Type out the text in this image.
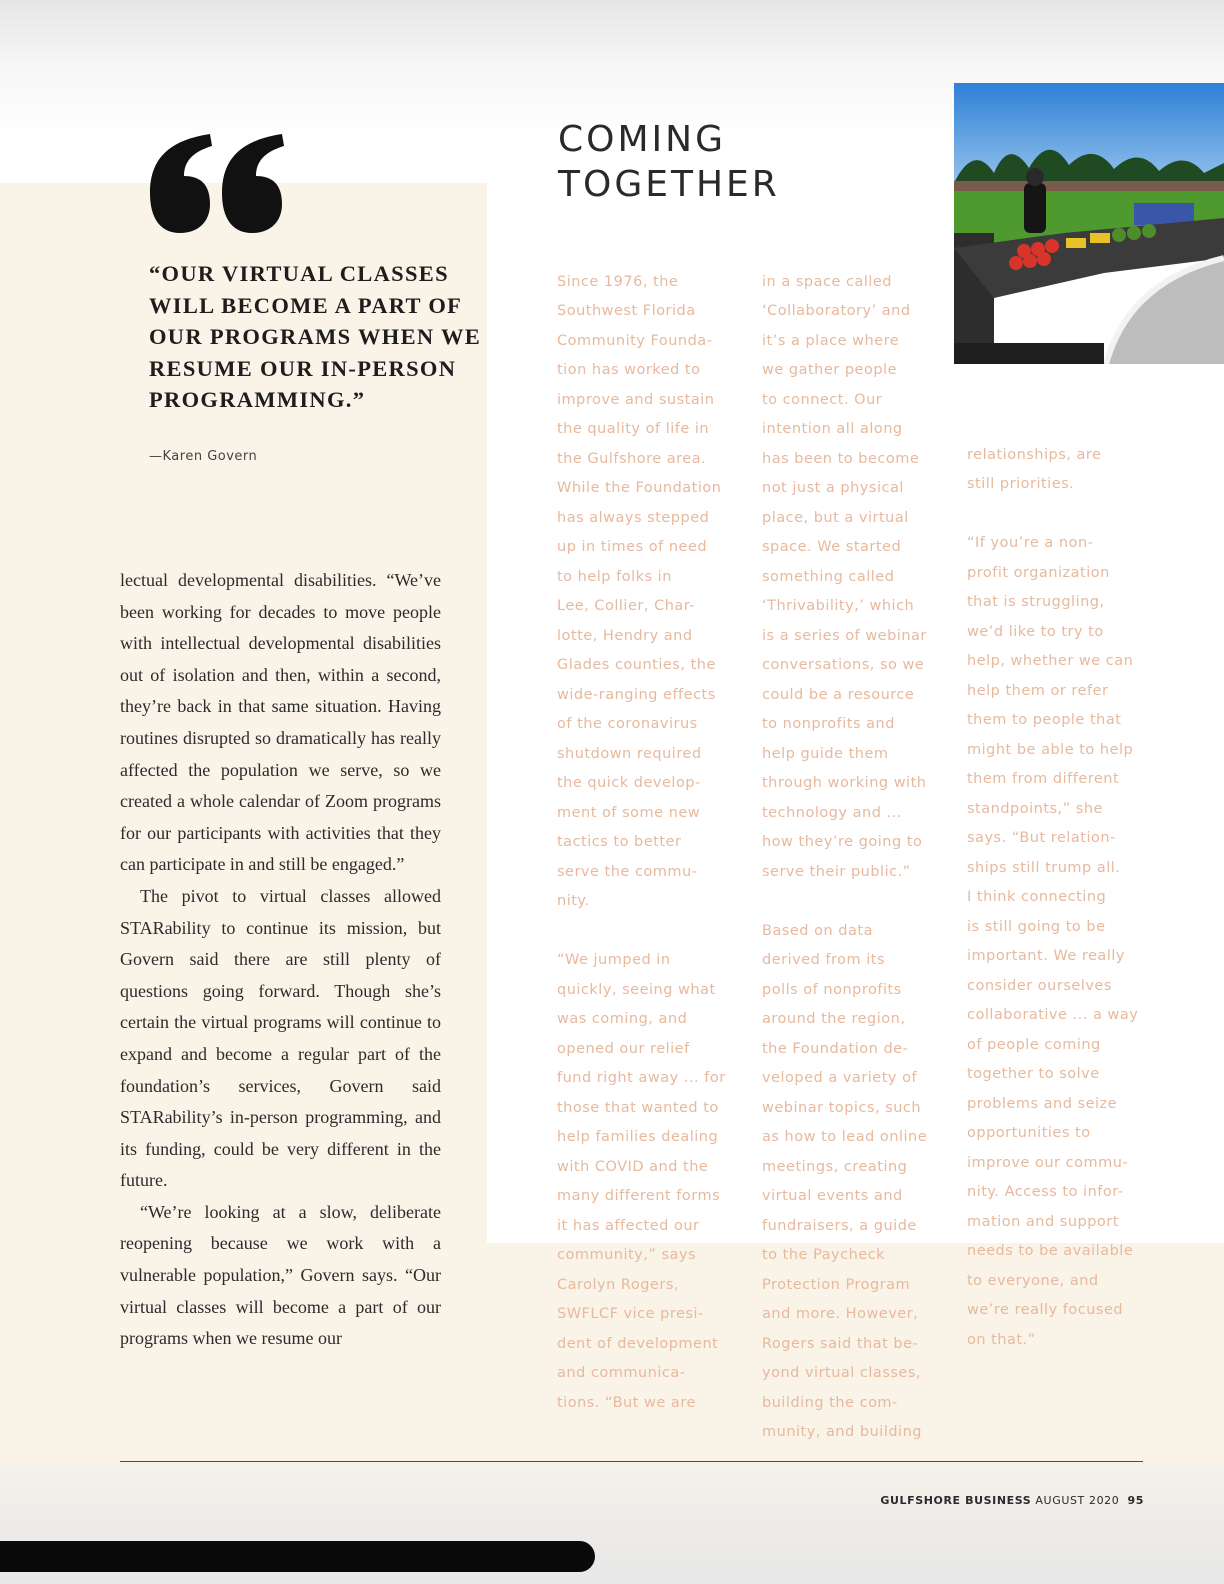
“OUR VIRTUAL CLASSES WILL BECOME A PART OF OUR PROGRAMS WHEN WE RESUME OUR IN-PERSON PROGRAMMING.”

—Karen Govern

lectual developmental disabilities. “We’ve been working for decades to move people with intellectual developmental disabilities out of isolation and then, within a second, they’re back in that same situation. Having routines disrupted so dramatically has really affected the population we serve, so we created a whole calendar of Zoom programs for our participants with activities that they can participate in and still be engaged.”

The pivot to virtual classes allowed STARability to continue its mission, but Govern said there are still plenty of questions going forward. Though she’s certain the virtual programs will continue to expand and become a regular part of the foundation’s services, Govern said STARability’s in-person programming, and its funding, could be very different in the future.

“We’re looking at a slow, deliberate reopening because we work with a vulnerable population,” Govern says. “Our virtual classes will become a part of our programs when we resume our

COMING TOGETHER

Since 1976, the
Southwest Florida
Community Founda-
tion has worked to
improve and sustain
the quality of life in
the Gulfshore area.
While the Foundation
has always stepped
up in times of need
to help folks in
Lee, Collier, Char-
lotte, Hendry and
Glades counties, the
wide-ranging effects
of the coronavirus
shutdown required
the quick develop-
ment of some new
tactics to better
serve the commu-
nity.

“We jumped in
quickly, seeing what
was coming, and
opened our relief
fund right away ... for
those that wanted to
help families dealing
with COVID and the
many different forms
it has affected our
community,” says
Carolyn Rogers,
SWFLCF vice presi-
dent of development
and communica-
tions. “But we are

in a space called
‘Collaboratory’ and
it’s a place where
we gather people
to connect. Our
intention all along
has been to become
not just a physical
place, but a virtual
space. We started
something called
‘Thrivability,’ which
is a series of webinar
conversations, so we
could be a resource
to nonprofits and
help guide them
through working with
technology and ...
how they’re going to
serve their public.”

Based on data
derived from its
polls of nonprofits
around the region,
the Foundation de-
veloped a variety of
webinar topics, such
as how to lead online
meetings, creating
virtual events and
fundraisers, a guide
to the Paycheck
Protection Program
and more. However,
Rogers said that be-
yond virtual classes,
building the com-
munity, and building

relationships, are
still priorities.

“If you’re a non-
profit organization
that is struggling,
we’d like to try to
help, whether we can
help them or refer
them to people that
might be able to help
them from different
standpoints,” she
says. “But relation-
ships still trump all.
I think connecting
is still going to be
important. We really
consider ourselves
collaborative ... a way
of people coming
together to solve
problems and seize
opportunities to
improve our commu-
nity. Access to infor-
mation and support
needs to be available
to everyone, and
we’re really focused
on that.”

GULFSHORE BUSINESS AUGUST 2020 95
